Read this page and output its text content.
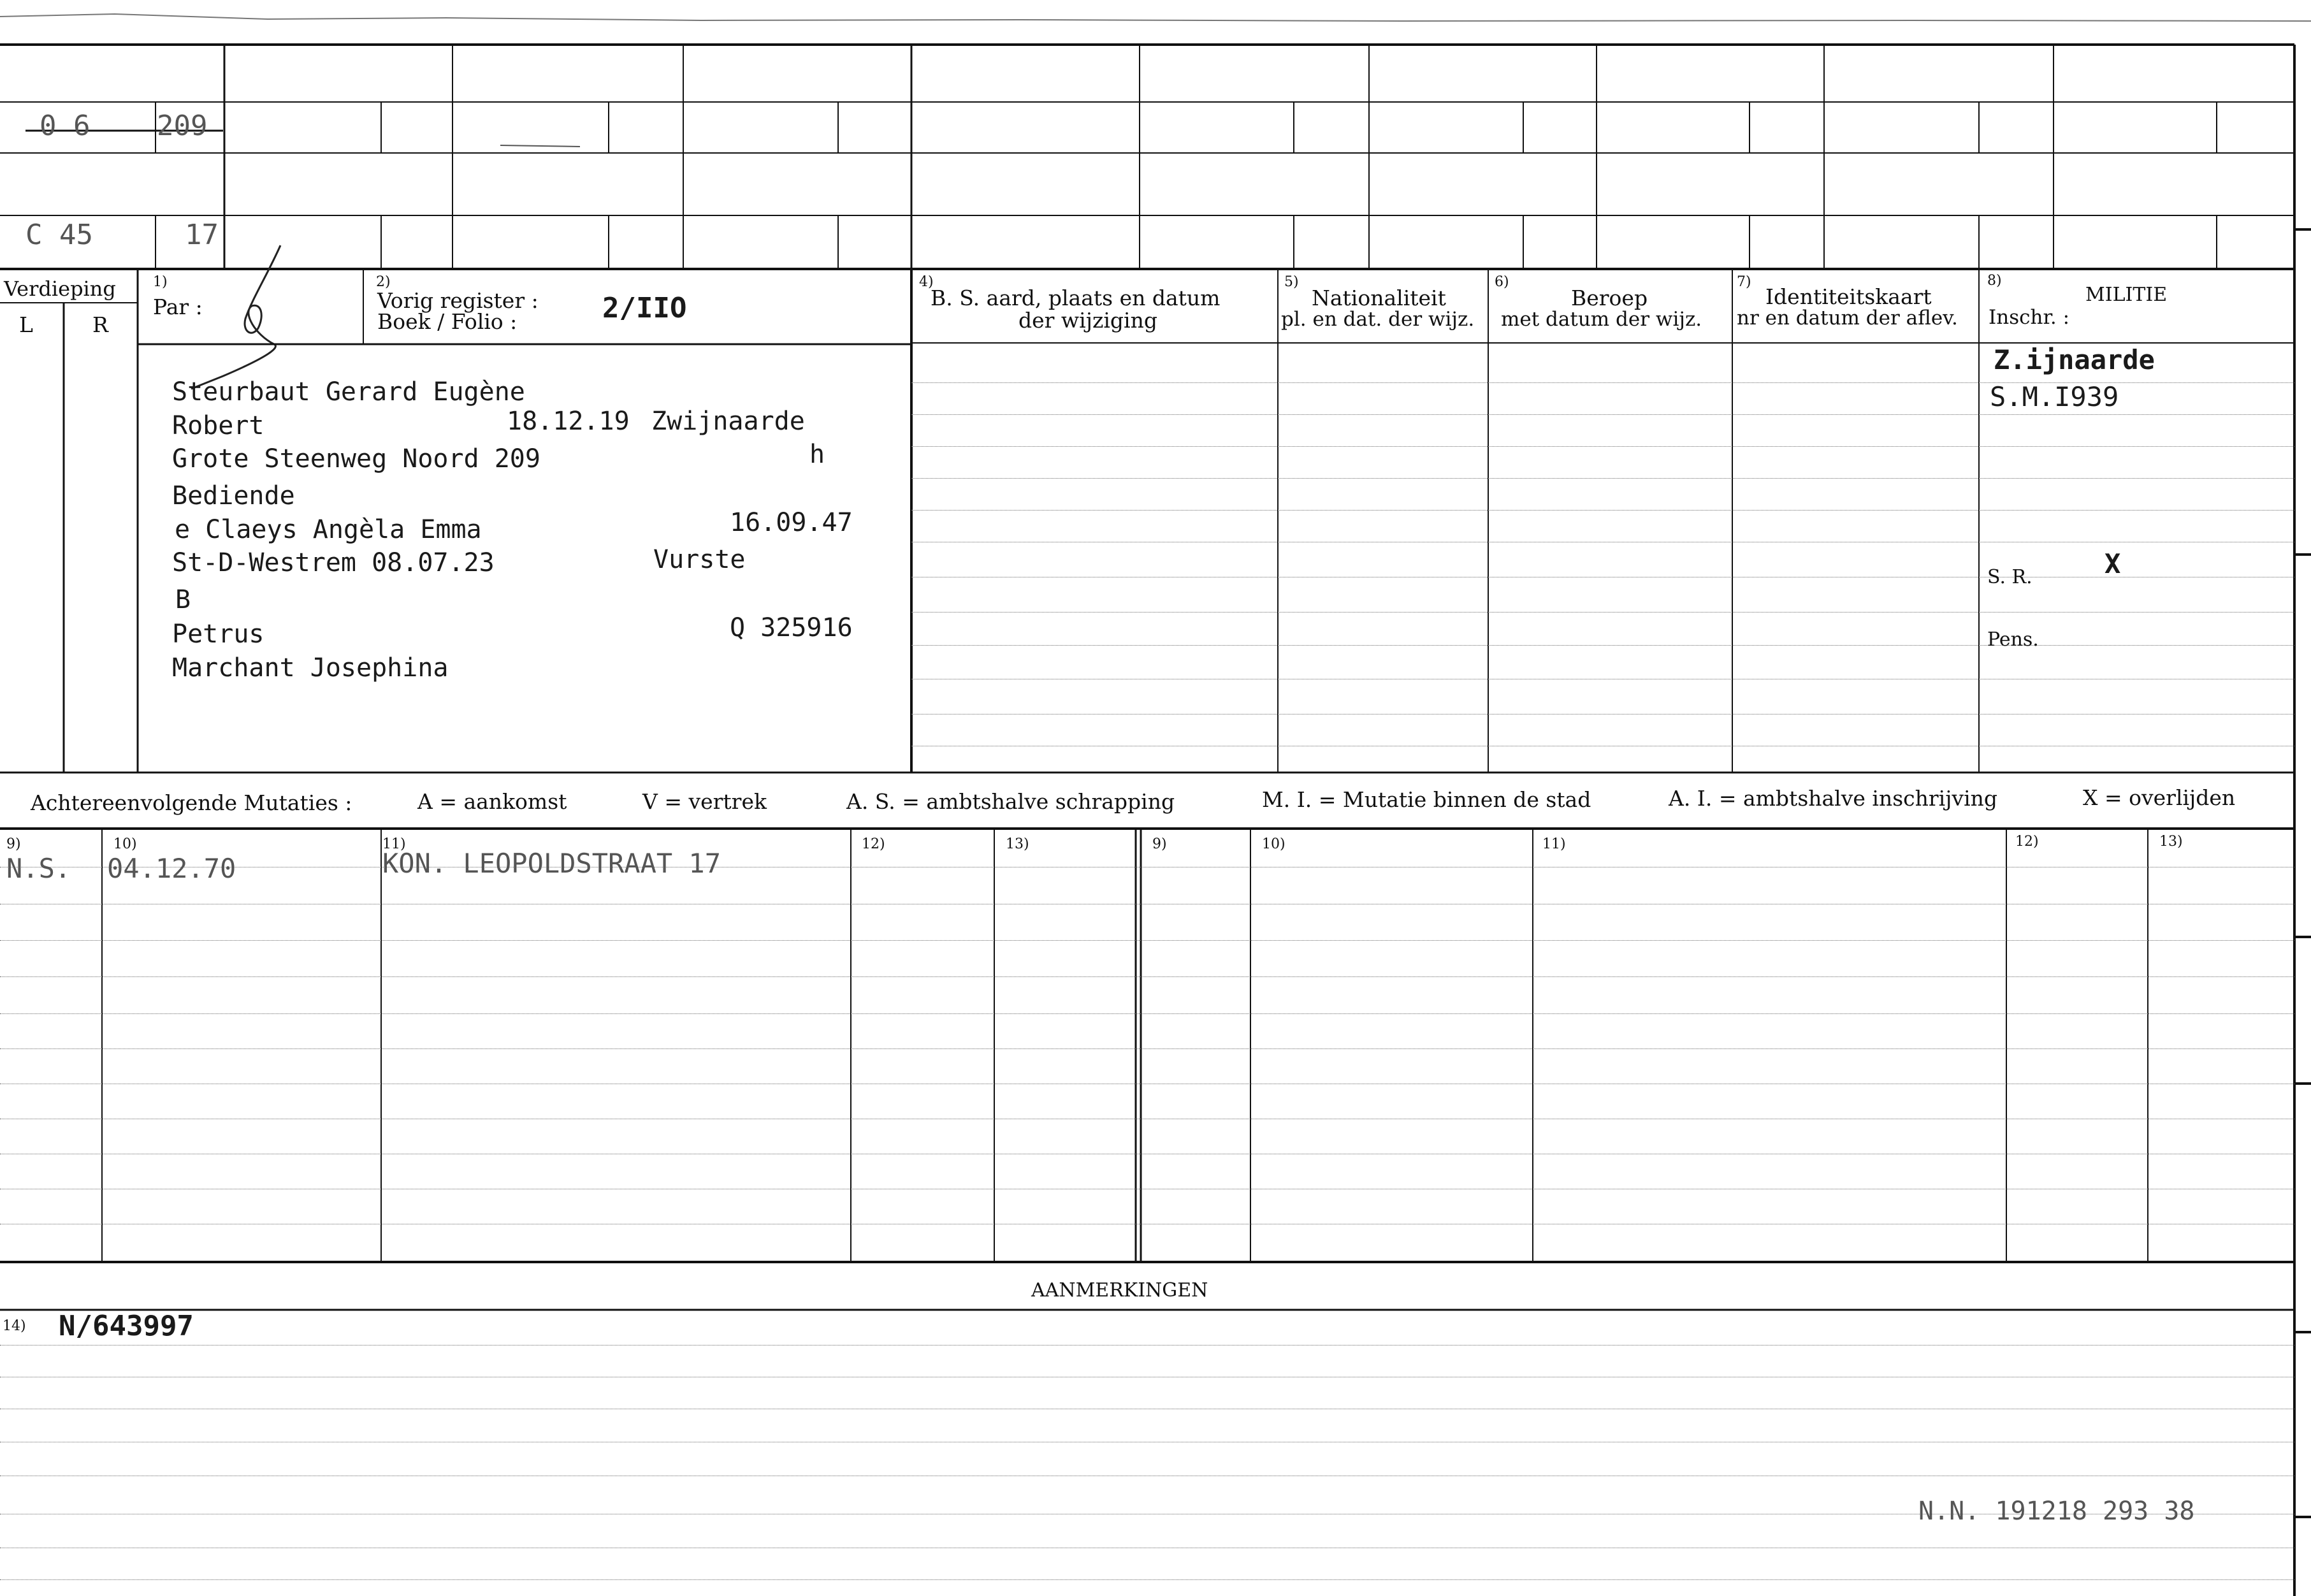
0 6 209
C 45	17
Verdieping
L	R
1)
Par :
2)
Vorig register :
Boek / Folio :	2/IIO
4)
B. S. aard, plaats en datum
der wijziging
5)
Nationaliteit
pl. en dat. der wijz.
6)
Beroep
met datum der wijz.
7)
Identiteitskaart
nr en datum der aflev.
8)
MILITIE
Inschr. :
Steurbaut Gerard Eugène
Robert	18.12.19 Zwijnaarde
Grote Steenweg Noord 209	h
Bediende
e Claeys Angèla Emma	16.09.47
St-D-Westrem 08.07.23	Vurste
B
Petrus	Q 325916
Marchant Josephina
Z.ijnaarde
S.M.I939
S. R.	X
Pens.
Achtereenvolgende Mutaties :	A = aankomst	V = vertrek	A. S. = ambtshalve schrapping	M. I. = Mutatie binnen de stad	A. I. = ambtshalve inschrijving	X = overlijden
9)	10)	11)	12)	13)	9)	10)	11)	12)	13)
N.S. 04.12.70	KON. LEOPOLDSTRAAT 17
AANMERKINGEN
14) N/643997
N.N. 191218 293 38
